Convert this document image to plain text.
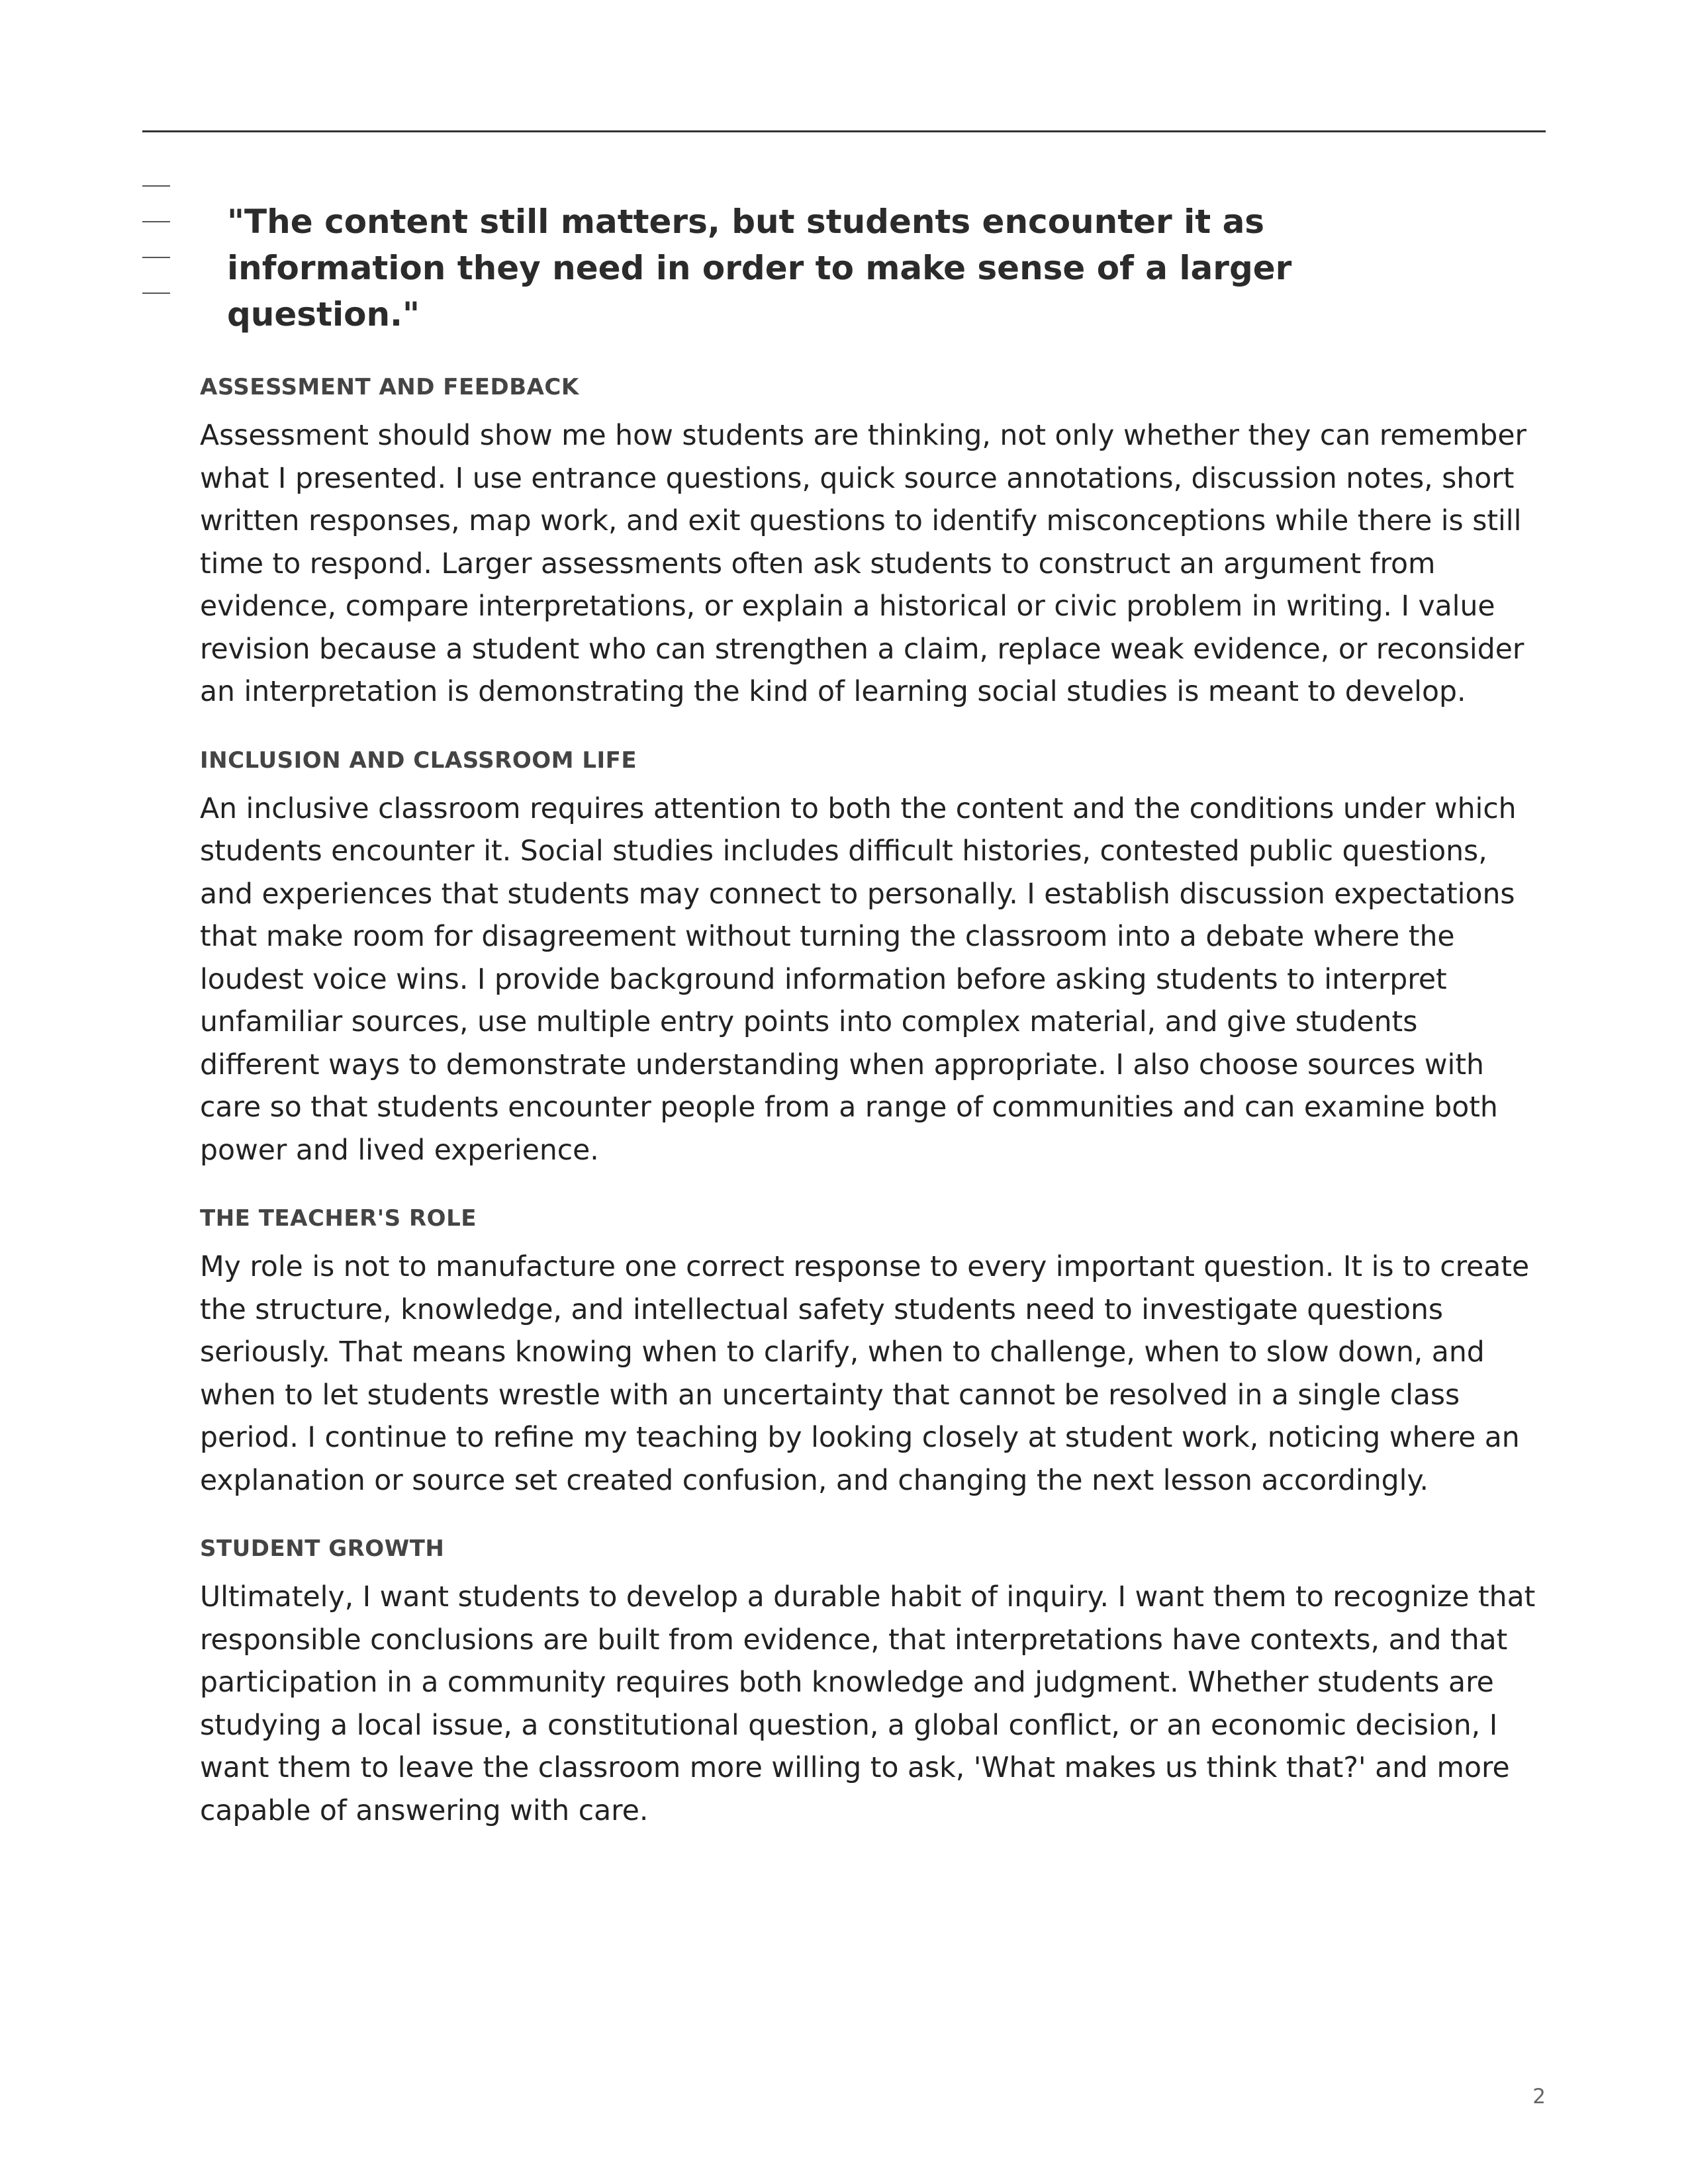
"The content still matters, but students encounter it as information they need in order to make sense of a larger question."

ASSESSMENT AND FEEDBACK

Assessment should show me how students are thinking, not only whether they can remember what I presented. I use entrance questions, quick source annotations, discussion notes, short written responses, map work, and exit questions to identify misconceptions while there is still time to respond. Larger assessments often ask students to construct an argument from evidence, compare interpretations, or explain a historical or civic problem in writing. I value revision because a student who can strengthen a claim, replace weak evidence, or reconsider an interpretation is demonstrating the kind of learning social studies is meant to develop.

INCLUSION AND CLASSROOM LIFE

An inclusive classroom requires attention to both the content and the conditions under which students encounter it. Social studies includes difficult histories, contested public questions, and experiences that students may connect to personally. I establish discussion expectations that make room for disagreement without turning the classroom into a debate where the loudest voice wins. I provide background information before asking students to interpret unfamiliar sources, use multiple entry points into complex material, and give students different ways to demonstrate understanding when appropriate. I also choose sources with care so that students encounter people from a range of communities and can examine both power and lived experience.

THE TEACHER'S ROLE

My role is not to manufacture one correct response to every important question. It is to create the structure, knowledge, and intellectual safety students need to investigate questions seriously. That means knowing when to clarify, when to challenge, when to slow down, and when to let students wrestle with an uncertainty that cannot be resolved in a single class period. I continue to refine my teaching by looking closely at student work, noticing where an explanation or source set created confusion, and changing the next lesson accordingly.

STUDENT GROWTH

Ultimately, I want students to develop a durable habit of inquiry. I want them to recognize that responsible conclusions are built from evidence, that interpretations have contexts, and that participation in a community requires both knowledge and judgment. Whether students are studying a local issue, a constitutional question, a global conflict, or an economic decision, I want them to leave the classroom more willing to ask, 'What makes us think that?' and more capable of answering with care.

2
